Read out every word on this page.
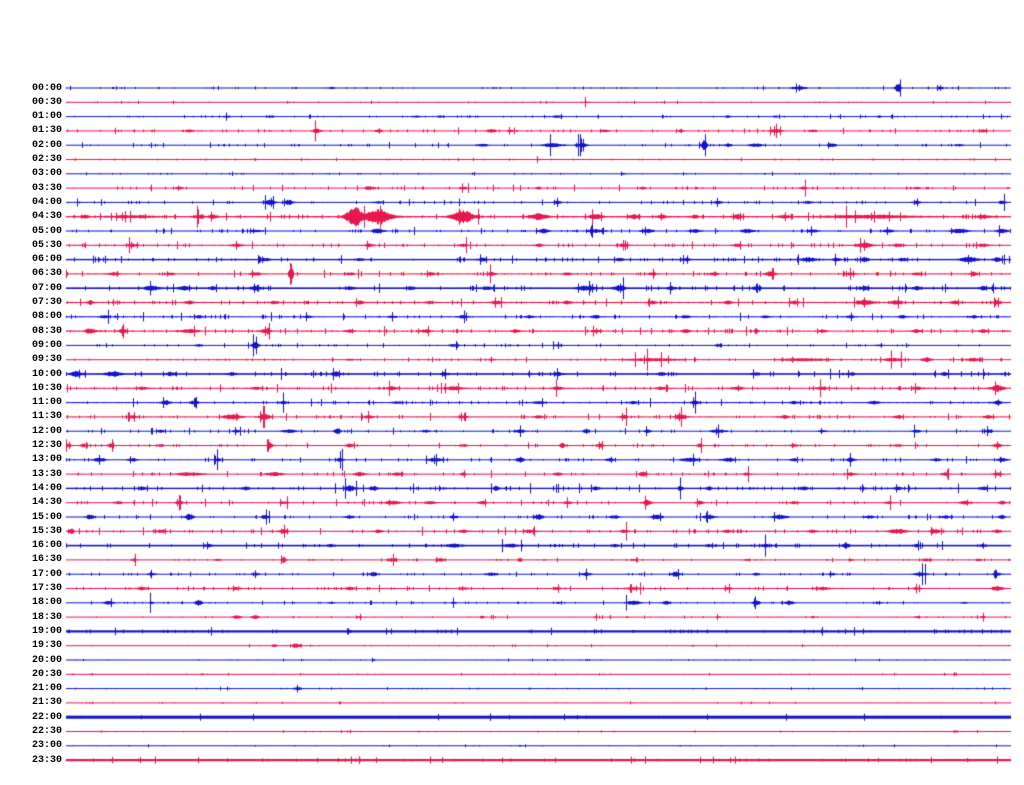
00:00
00:30
01:00
01:30
02:00
02:30
03:00
03:30
04:00
04:30
05:00
05:30
06:00
06:30
07:00
07:30
08:00
08:30
09:00
09:30
10:00
10:30
11:00
11:30
12:00
12:30
13:00
13:30
14:00
14:30
15:00
15:30
16:00
16:30
17:00
17:30
18:00
18:30
19:00
19:30
20:00
20:30
21:00
21:30
22:00
22:30
23:00
23:30
